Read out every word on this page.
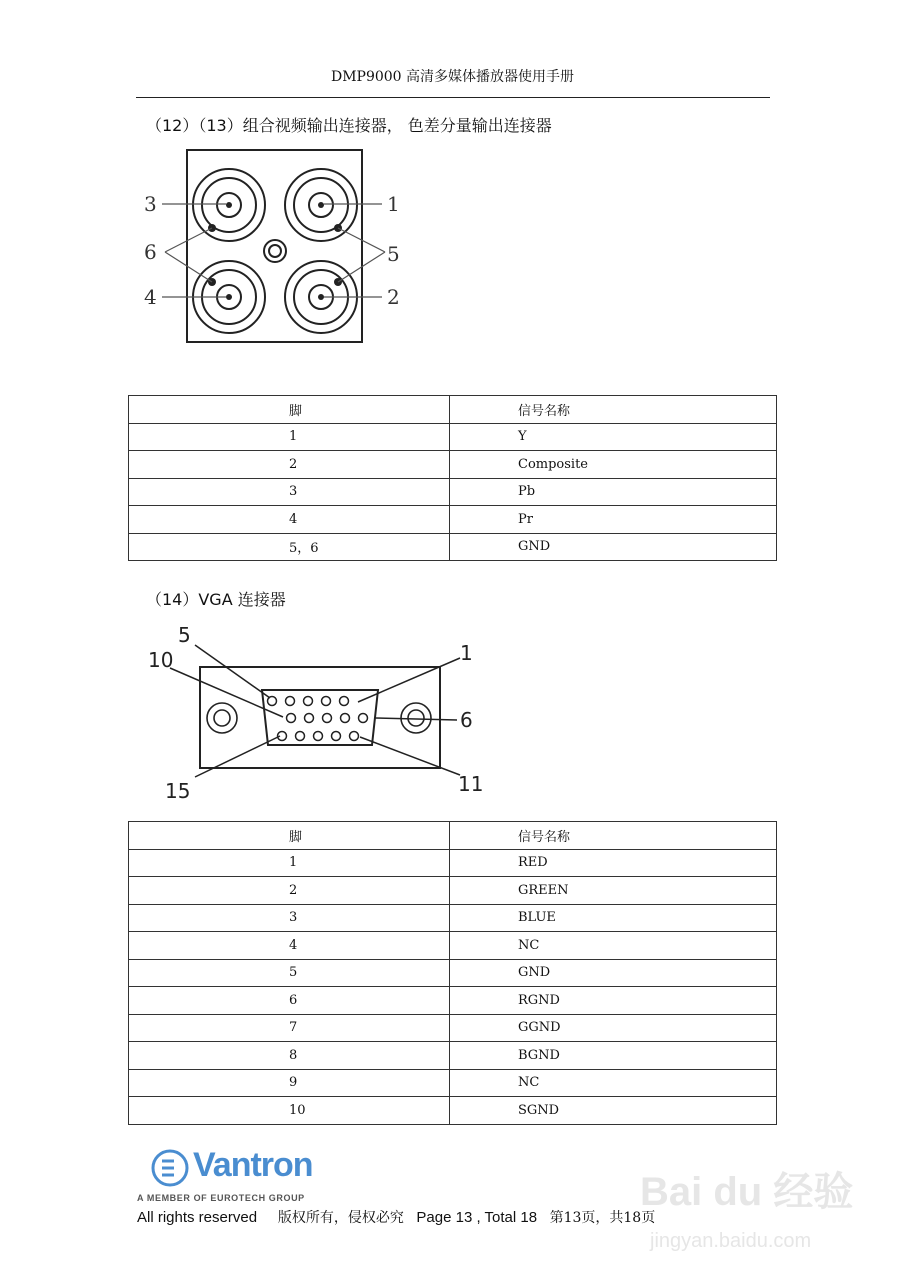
DMP9000 高清多媒体播放器使用手册
（12）（13）组合视频输出连接器， 色差分量输出连接器
3	1
6	5
4	2
脚	信号名称
1	Y
2	Composite
3	Pb
4	Pr
5，6	GND
（14）VGA 连接器
5
1
10
6
15	11
脚	信号名称
1	RED
2	GREEN
3	BLUE
4	NC
5	GND
6	RGND
7	GGND
8	BGND
9	NC
10	SGND
Vantron
A MEMBER OF EUROTECH GROUP	Bai du 经验
jingyan.baidu.com
All rights reserved 版权所有，侵权必究 Page 13 , Total 18 第13页，共18页
